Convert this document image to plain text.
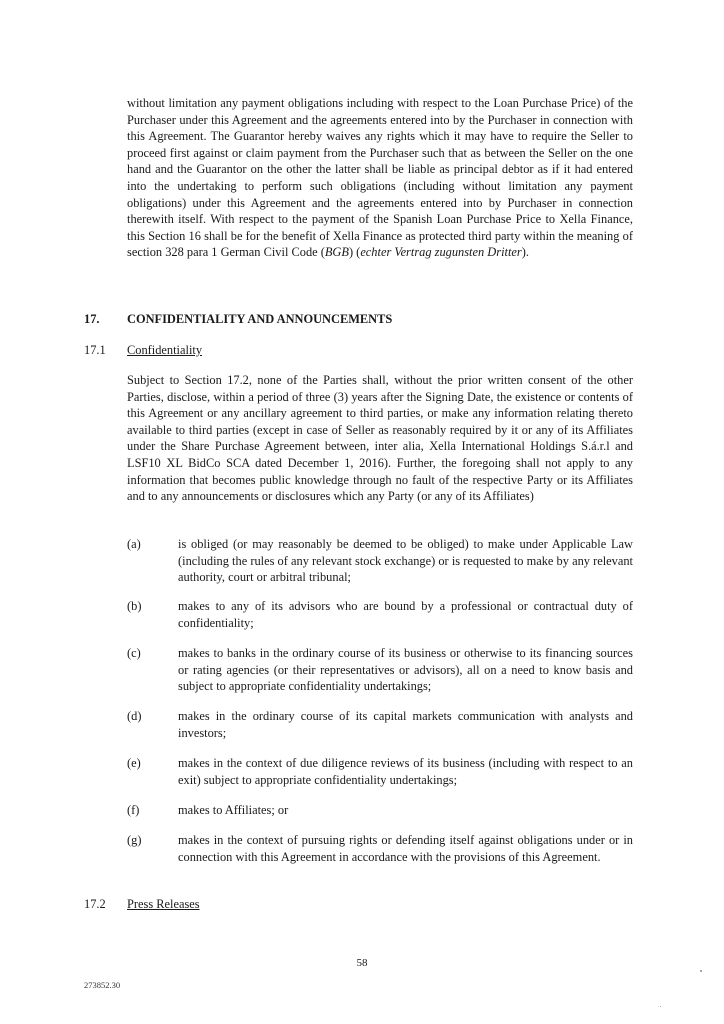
without limitation any payment obligations including with respect to the Loan Purchase Price) of the Purchaser under this Agreement and the agreements entered into by the Purchaser in connection with this Agreement. The Guarantor hereby waives any rights which it may have to require the Seller to proceed first against or claim payment from the Purchaser such that as between the Seller on the one hand and the Guarantor on the other the latter shall be liable as principal debtor as if it had entered into the undertaking to perform such obligations (including without limitation any payment obligations) under this Agreement and the agreements entered into by Purchaser in connection therewith itself. With respect to the payment of the Spanish Loan Purchase Price to Xella Finance, this Section 16 shall be for the benefit of Xella Finance as protected third party within the meaning of section 328 para 1 German Civil Code (BGB) (echter Vertrag zugunsten Dritter).

17. CONFIDENTIALITY AND ANNOUNCEMENTS
17.1 Confidentiality

Subject to Section 17.2, none of the Parties shall, without the prior written consent of the other Parties, disclose, within a period of three (3) years after the Signing Date, the existence or contents of this Agreement or any ancillary agreement to third parties, or make any information relating thereto available to third parties (except in case of Seller as reasonably required by it or any of its Affiliates under the Share Purchase Agreement between, inter alia, Xella International Holdings S.á.r.l and LSF10 XL BidCo SCA dated December 1, 2016). Further, the foregoing shall not apply to any information that becomes public knowledge through no fault of the respective Party or its Affiliates and to any announcements or disclosures which any Party (or any of its Affiliates)

(a)	is obliged (or may reasonably be deemed to be obliged) to make under Applicable Law (including the rules of any relevant stock exchange) or is requested to make by any relevant authority, court or arbitral tribunal;

(b)	makes to any of its advisors who are bound by a professional or contractual duty of confidentiality;

(c)	makes to banks in the ordinary course of its business or otherwise to its financing sources or rating agencies (or their representatives or advisors), all on a need to know basis and subject to appropriate confidentiality undertakings;

(d)	makes in the ordinary course of its capital markets communication with analysts and investors;

(e)	makes in the context of due diligence reviews of its business (including with respect to an exit) subject to appropriate confidentiality undertakings;

(f)	makes to Affiliates; or

(g)	makes in the context of pursuing rights or defending itself against obligations under or in connection with this Agreement in accordance with the provisions of this Agreement.

17.2 Press Releases
58
273852.30
